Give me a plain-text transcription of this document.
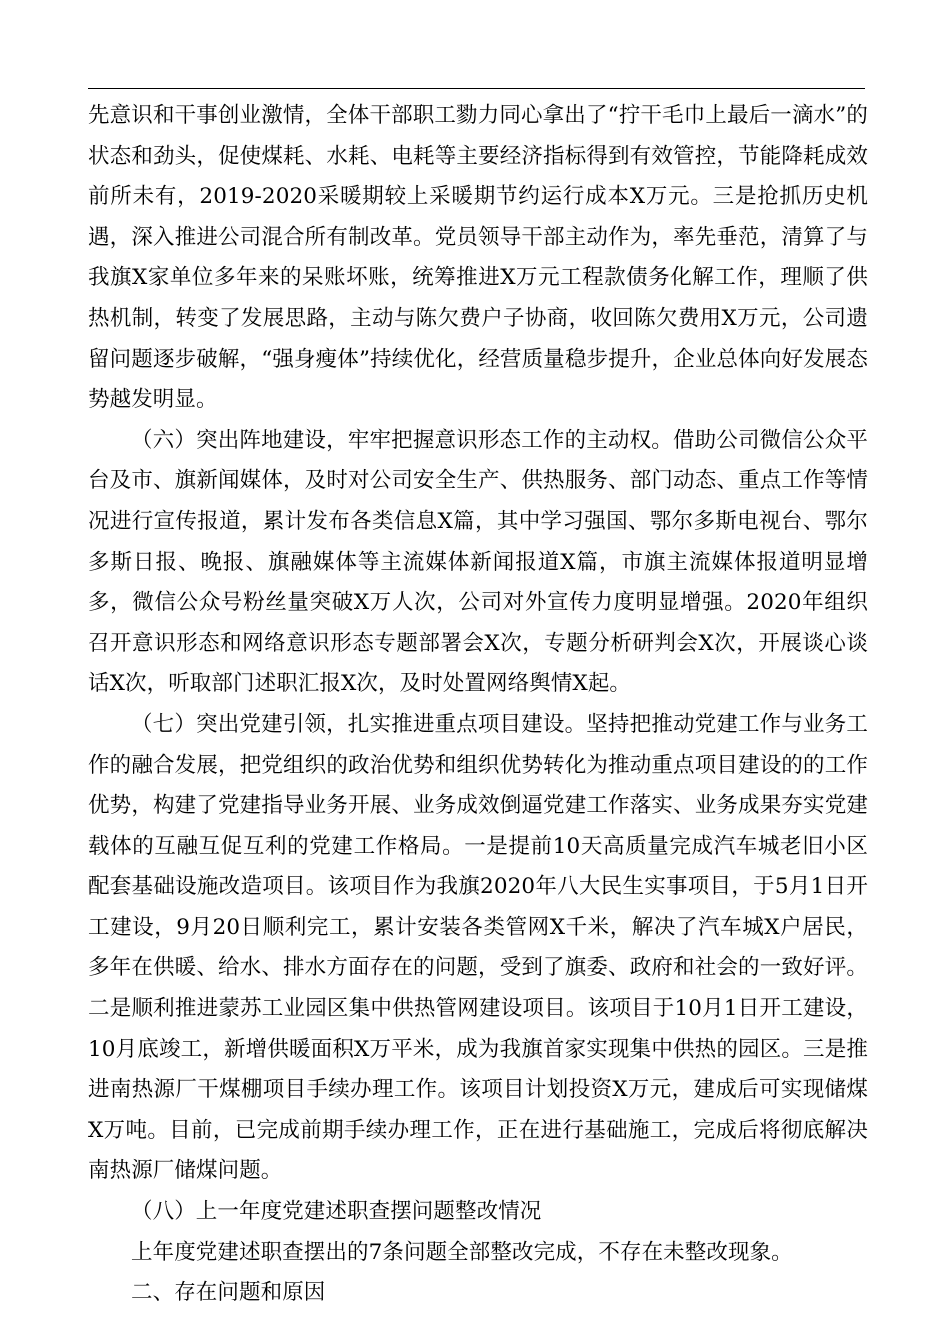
先意识和干事创业激情，全体干部职工勠力同心拿出了“拧干毛巾上最后一滴水”的状态和劲头，促使煤耗、水耗、电耗等主要经济指标得到有效管控，节能降耗成效前所未有，2019-2020采暖期较上采暖期节约运行成本X万元。三是抢抓历史机遇，深入推进公司混合所有制改革。党员领导干部主动作为，率先垂范，清算了与我旗X家单位多年来的呆账坏账，统筹推进X万元工程款债务化解工作，理顺了供热机制，转变了发展思路，主动与陈欠费户子协商，收回陈欠费用X万元，公司遗留问题逐步破解，“强身瘦体”持续优化，经营质量稳步提升，企业总体向好发展态势越发明显。

（六）突出阵地建设，牢牢把握意识形态工作的主动权。借助公司微信公众平台及市、旗新闻媒体，及时对公司安全生产、供热服务、部门动态、重点工作等情况进行宣传报道，累计发布各类信息X篇，其中学习强国、鄂尔多斯电视台、鄂尔多斯日报、晚报、旗融媒体等主流媒体新闻报道X篇，市旗主流媒体报道明显增多，微信公众号粉丝量突破X万人次，公司对外宣传力度明显增强。2020年组织召开意识形态和网络意识形态专题部署会X次，专题分析研判会X次，开展谈心谈话X次，听取部门述职汇报X次，及时处置网络舆情X起。

（七）突出党建引领，扎实推进重点项目建设。坚持把推动党建工作与业务工作的融合发展，把党组织的政治优势和组织优势转化为推动重点项目建设的的工作优势，构建了党建指导业务开展、业务成效倒逼党建工作落实、业务成果夯实党建载体的互融互促互利的党建工作格局。一是提前10天高质量完成汽车城老旧小区配套基础设施改造项目。该项目作为我旗2020年八大民生实事项目，于5月1日开工建设，9月20日顺利完工，累计安装各类管网X千米，解决了汽车城X户居民，多年在供暖、给水、排水方面存在的问题，受到了旗委、政府和社会的一致好评。二是顺利推进蒙苏工业园区集中供热管网建设项目。该项目于10月1日开工建设，10月底竣工，新增供暖面积X万平米，成为我旗首家实现集中供热的园区。三是推进南热源厂干煤棚项目手续办理工作。该项目计划投资X万元，建成后可实现储煤X万吨。目前，已完成前期手续办理工作，正在进行基础施工，完成后将彻底解决南热源厂储煤问题。

（八）上一年度党建述职查摆问题整改情况

上年度党建述职查摆出的7条问题全部整改完成，不存在未整改现象。

二、存在问题和原因
